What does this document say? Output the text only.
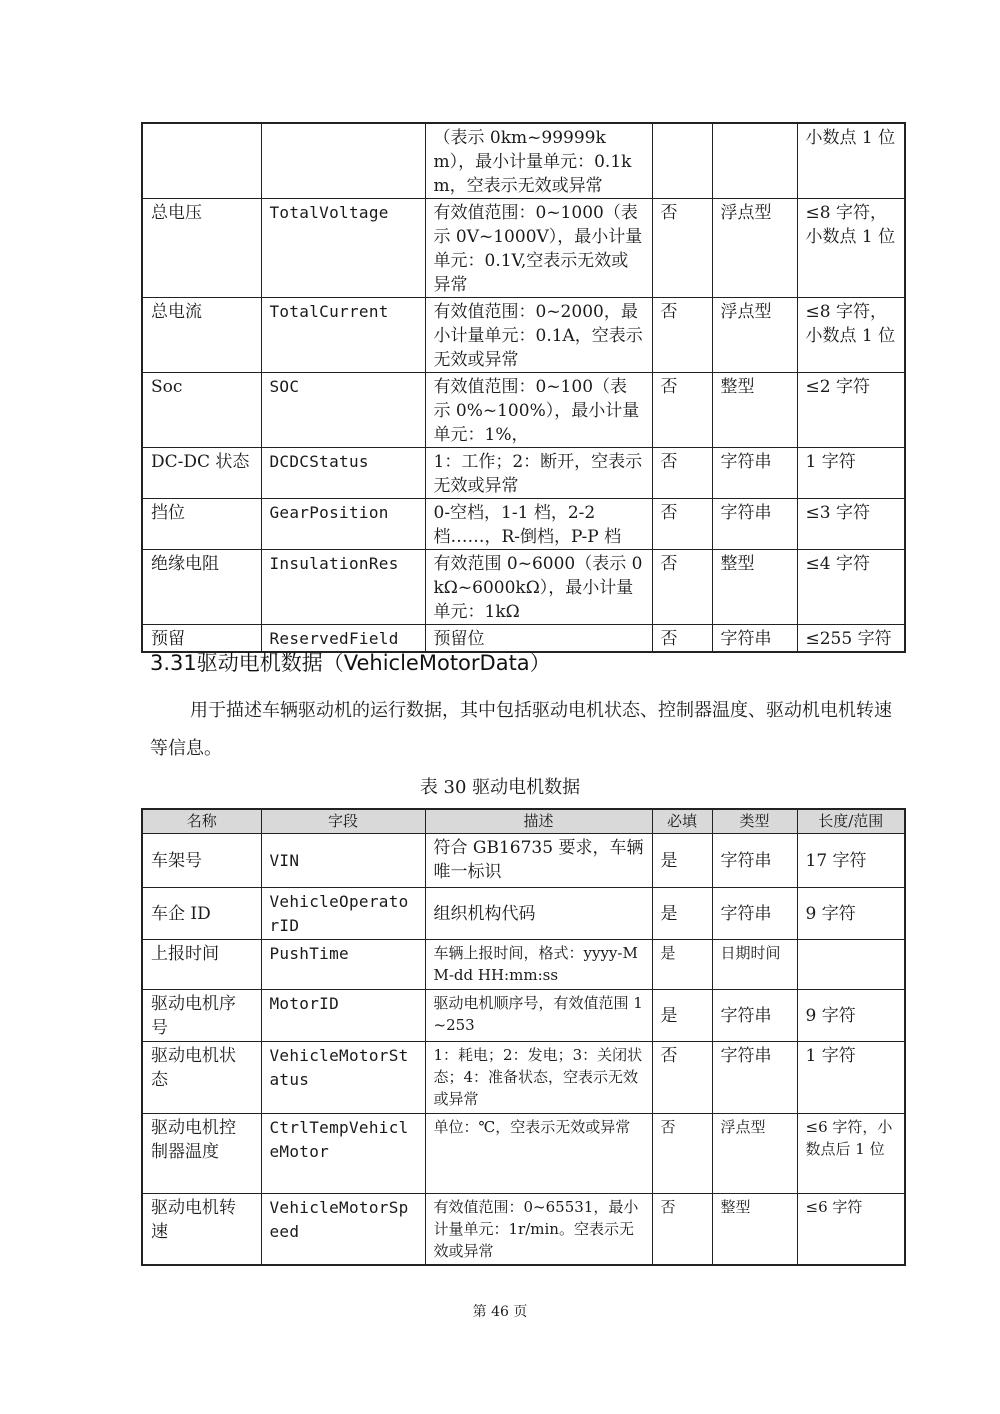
		（表示 0km~99999km），最小计量单元：0.1km，空表示无效或异常			小数点 1 位
总电压	TotalVoltage	有效值范围：0~1000（表示 0V~1000V），最小计量单元：0.1V,空表示无效或异常	否	浮点型	≤8 字符，小数点 1 位
总电流	TotalCurrent	有效值范围：0~2000，最小计量单元：0.1A，空表示无效或异常	否	浮点型	≤8 字符，小数点 1 位
Soc	SOC	有效值范围：0~100（表示 0%~100%），最小计量单元：1%，	否	整型	≤2 字符
DC-DC 状态	DCDCStatus	1：工作；2：断开，空表示无效或异常	否	字符串	1 字符
挡位	GearPosition	0-空档，1-1 档，2-2 档……，R-倒档，P-P 档	否	字符串	≤3 字符
绝缘电阻	InsulationRes	有效范围 0~6000（表示 0kΩ~6000kΩ），最小计量单元：1kΩ	否	整型	≤4 字符
预留	ReservedField	预留位	否	字符串	≤255 字符
3.31驱动电机数据（VehicleMotorData）
用于描述车辆驱动机的运行数据，其中包括驱动电机状态、控制器温度、驱动机电机转速等信息。
表 30 驱动电机数据
名称	字段	描述	必填	类型	长度/范围
车架号	VIN	符合 GB16735 要求，车辆唯一标识	是	字符串	17 字符
车企 ID	VehicleOperatorID	组织机构代码	是	字符串	9 字符
上报时间	PushTime	车辆上报时间，格式：yyyy-MM-dd HH:mm:ss	是	日期时间	
驱动电机序号	MotorID	驱动电机顺序号，有效值范围 1~253	是	字符串	9 字符
驱动电机状态	VehicleMotorStatus	1：耗电；2：发电；3：关闭状态；4：准备状态，空表示无效或异常	否	字符串	1 字符
驱动电机控制器温度	CtrlTempVehicleMotor	单位：℃，空表示无效或异常	否	浮点型	≤6 字符，小数点后 1 位
驱动电机转速	VehicleMotorSpeed	有效值范围：0~65531，最小计量单元：1r/min。空表示无效或异常	否	整型	≤6 字符
第 46 页
